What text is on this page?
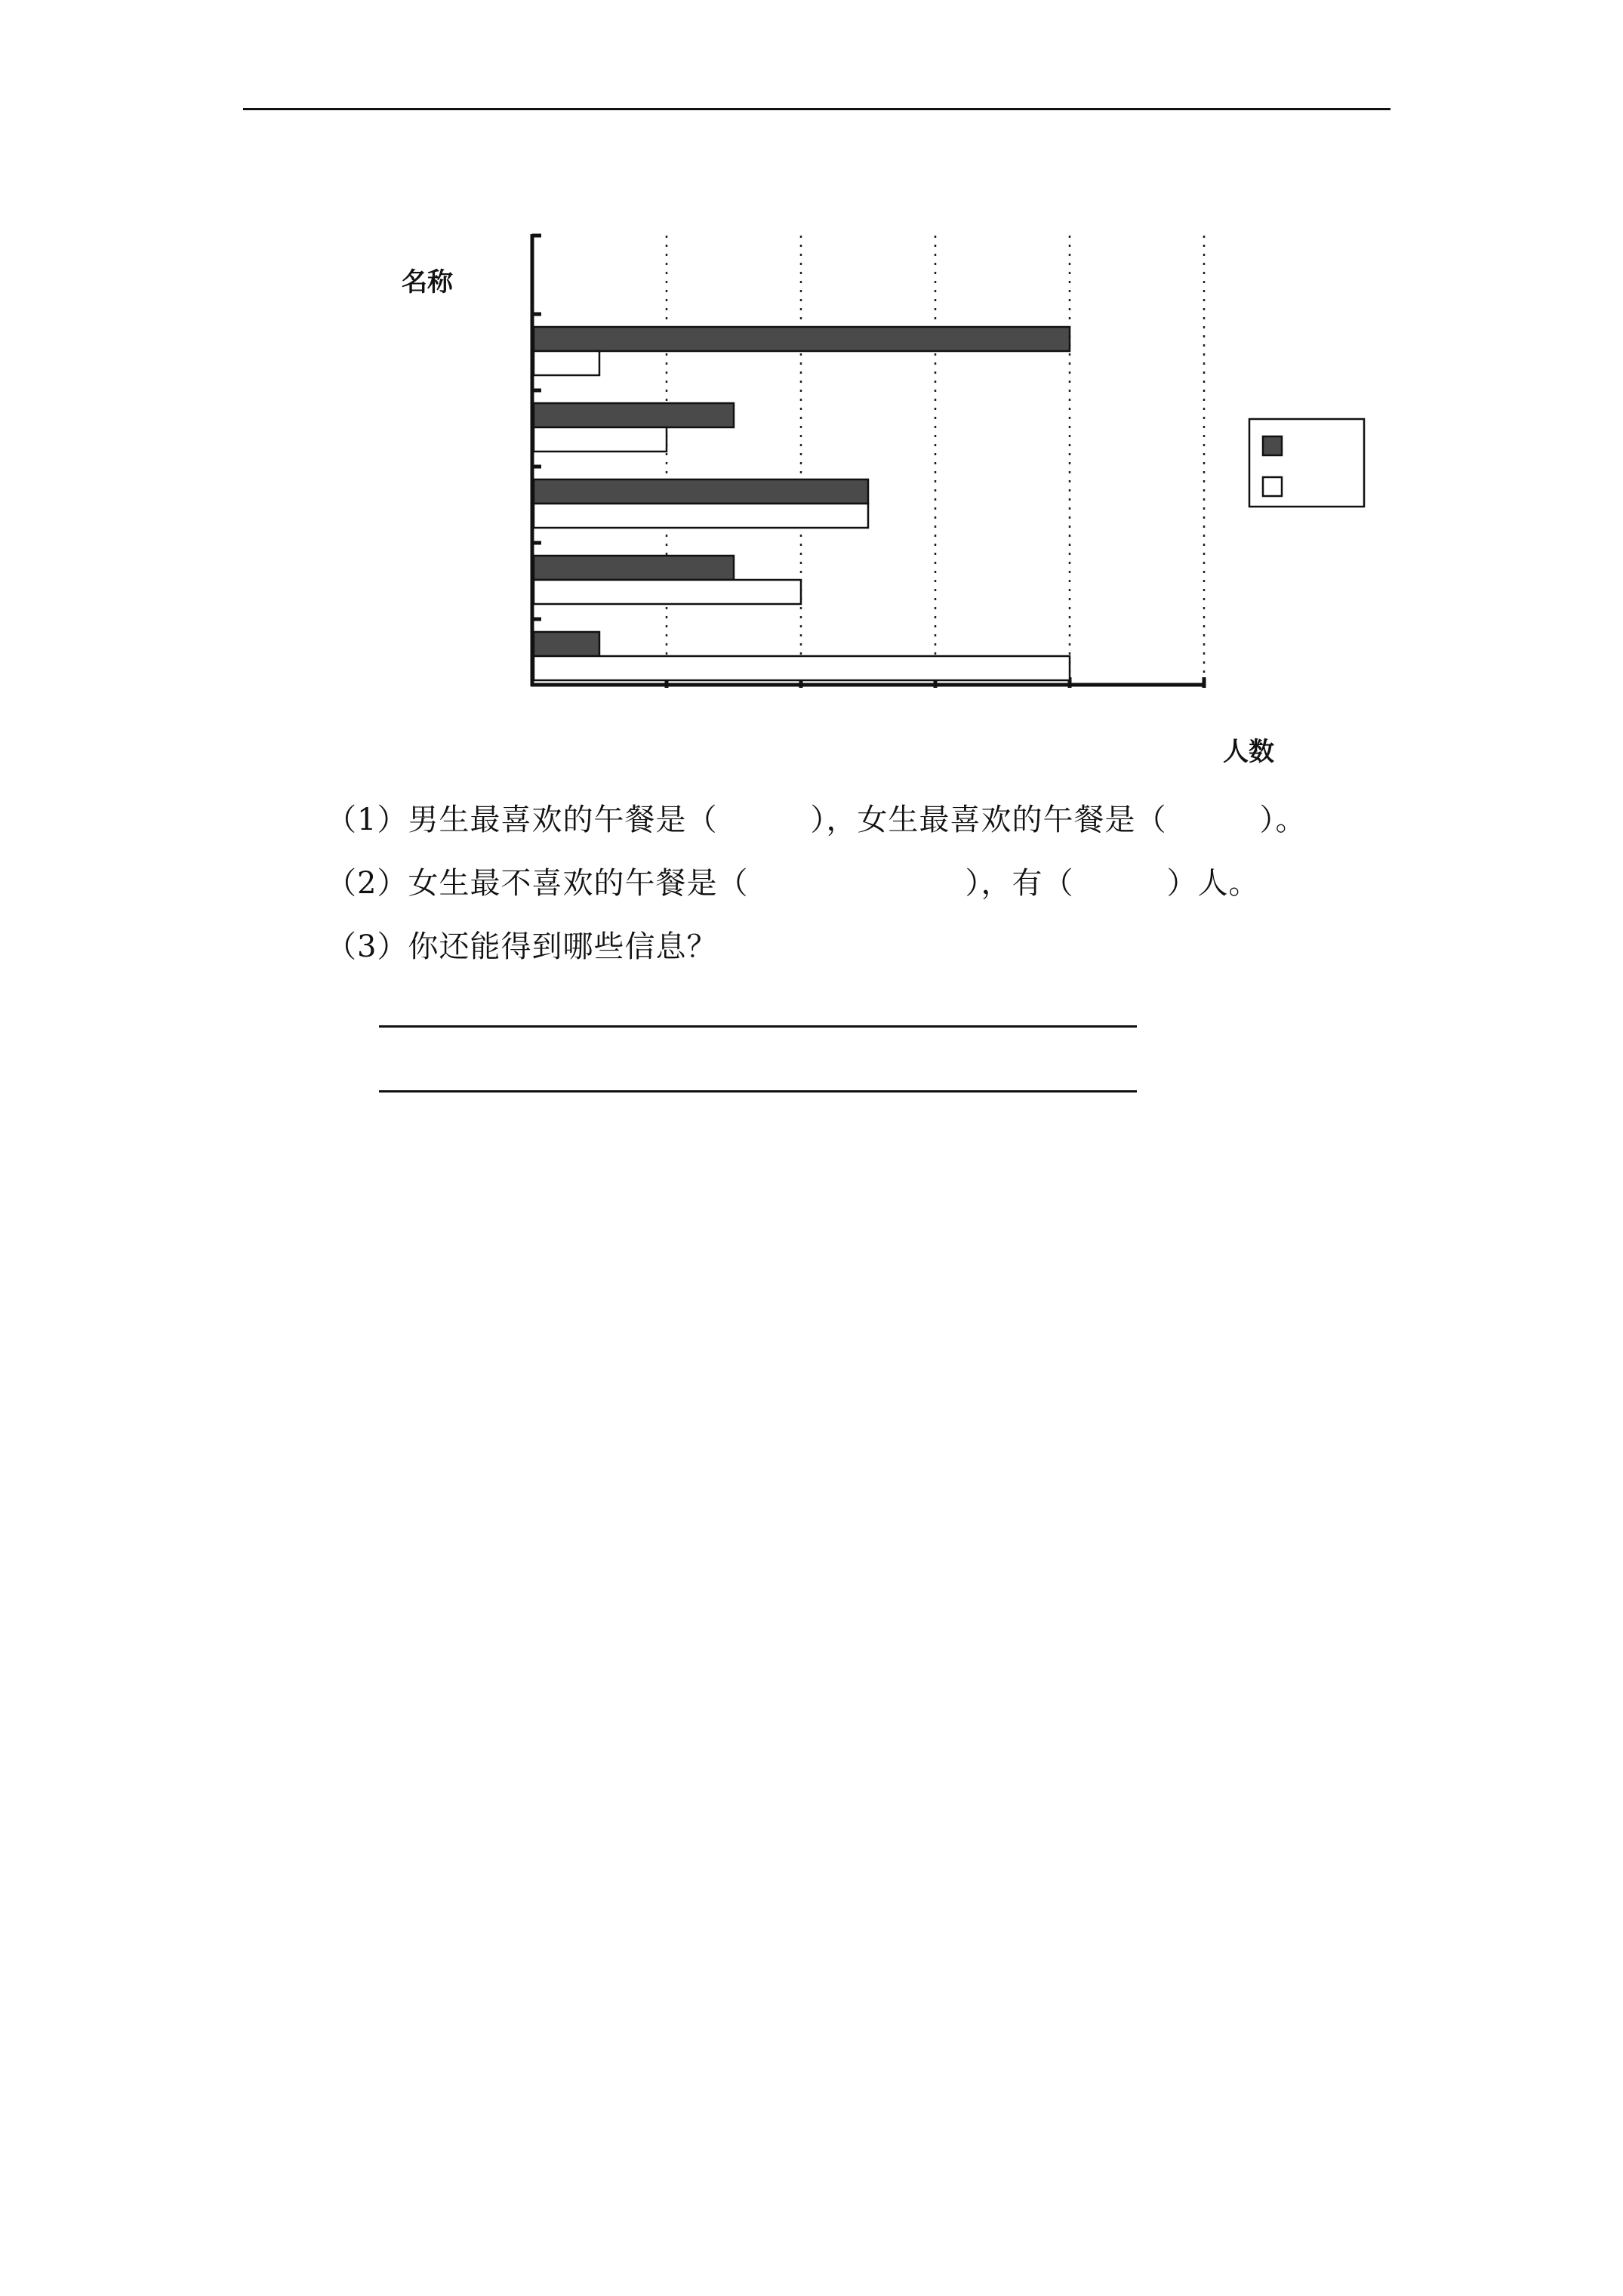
名称
人数
（1）男生最喜欢的午餐是（　　　），女生最喜欢的午餐是（　　　）。
（2）女生最不喜欢的午餐是（　　　　　　　），有（　　　）人。
（3）你还能得到哪些信息？
